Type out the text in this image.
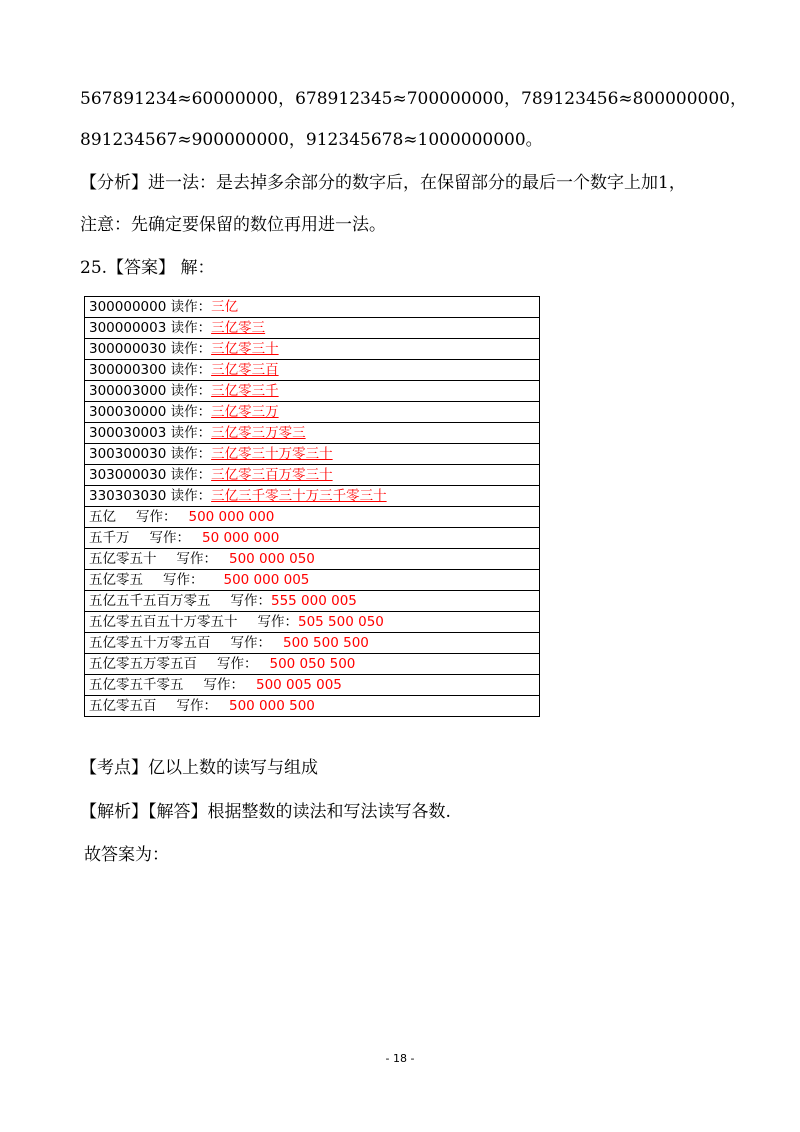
567891234≈60000000，678912345≈700000000，789123456≈800000000，
891234567≈900000000，912345678≈1000000000。
【分析】进一法：是去掉多余部分的数字后，在保留部分的最后一个数字上加1，
注意：先确定要保留的数位再用进一法。
25.【答案】 解：
300000000 读作：三亿
300000003 读作：三亿零三
300000030 读作：三亿零三十
300000300 读作：三亿零三百
300003000 读作：三亿零三千
300030000 读作：三亿零三万
300030003 读作：三亿零三万零三
300300030 读作：三亿零三十万零三十
303000030 读作：三亿零三百万零三十
330303030 读作：三亿三千零三十万三千零三十
五亿 写作： 500 000 000
五千万 写作： 50 000 000
五亿零五十 写作： 500 000 050
五亿零五 写作： 500 000 005
五亿五千五百万零五 写作：555 000 005
五亿零五百五十万零五十 写作：505 500 050
五亿零五十万零五百 写作： 500 500 500
五亿零五万零五百 写作： 500 050 500
五亿零五千零五 写作： 500 005 005
五亿零五百 写作： 500 000 500
【考点】亿以上数的读写与组成
【解析】【解答】根据整数的读法和写法读写各数.
故答案为：
- 18 -
